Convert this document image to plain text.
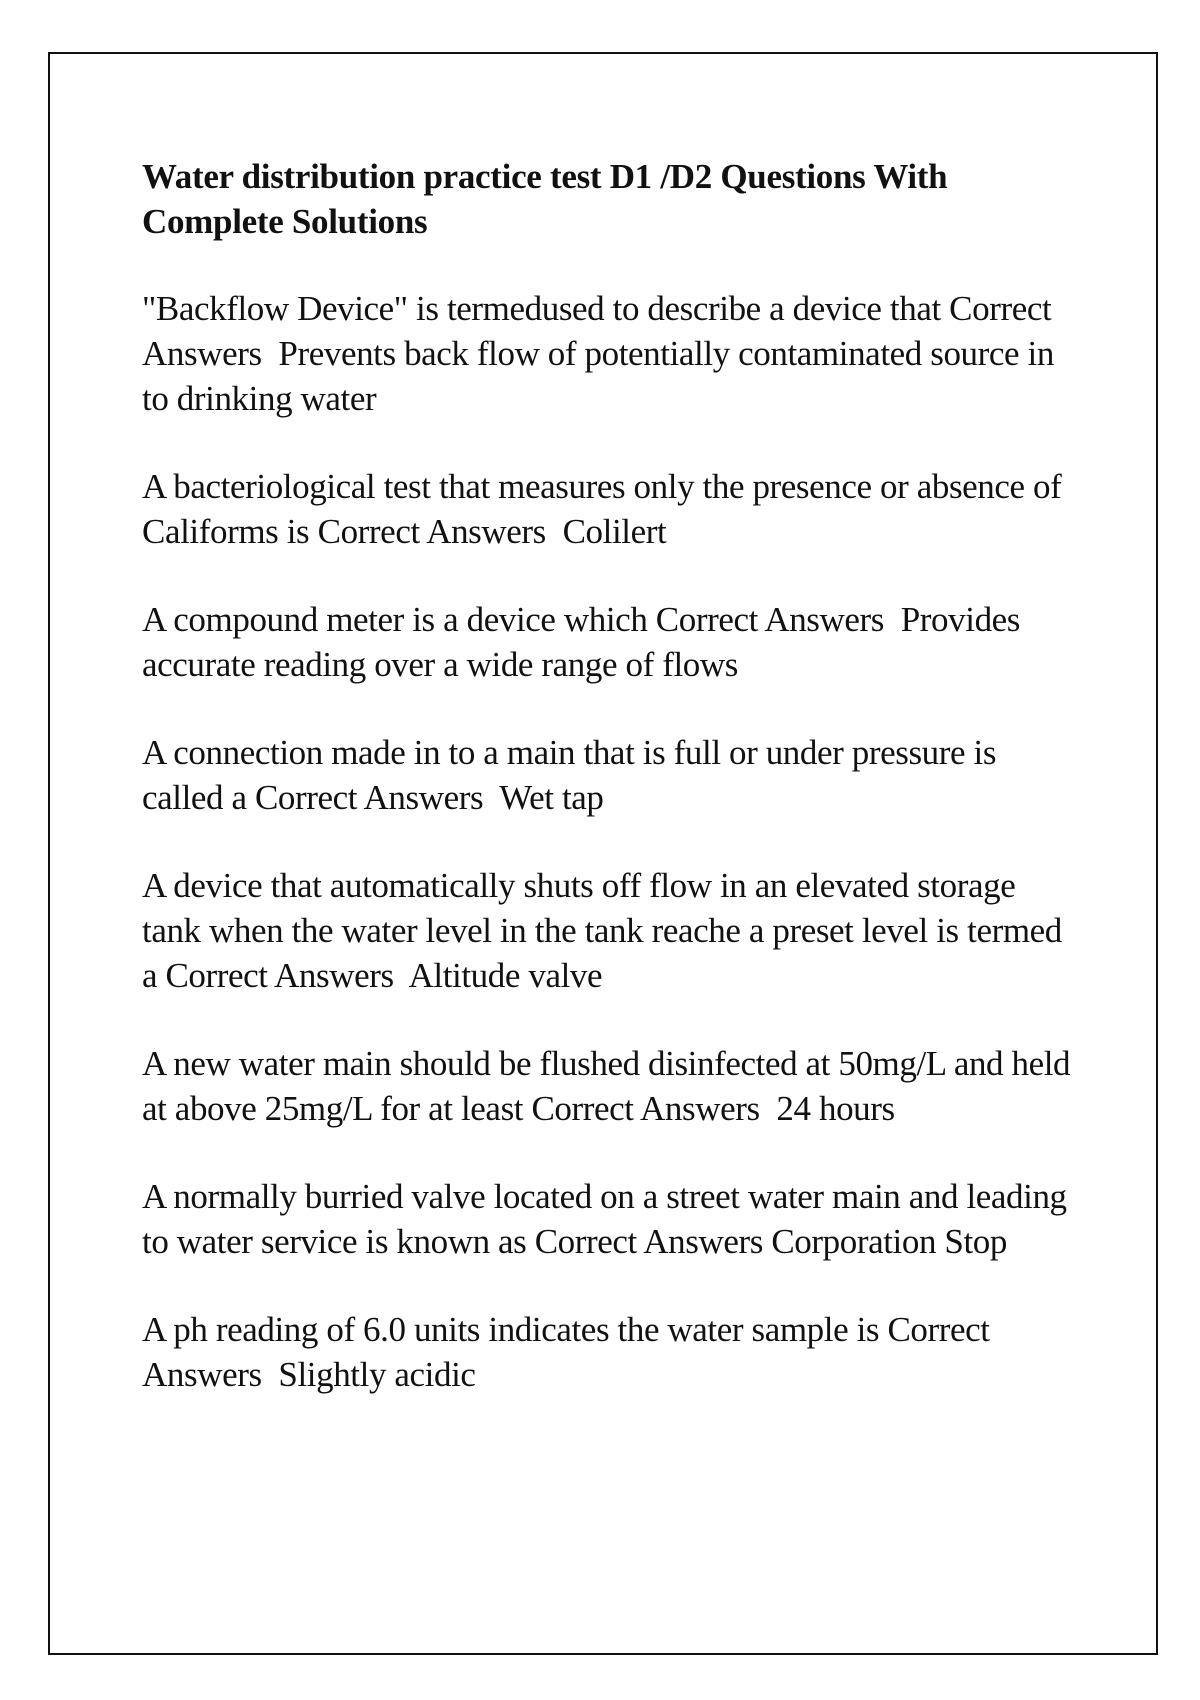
Water distribution practice test D1 /D2 Questions With Complete Solutions
"Backflow Device" is termedused to describe a device that Correct Answers  Prevents back flow of potentially contaminated source in to drinking water
A bacteriological test that measures only the presence or absence of Califorms is Correct Answers  Colilert
A compound meter is a device which Correct Answers  Provides accurate reading over a wide range of flows
A connection made in to a main that is full or under pressure is called a Correct Answers  Wet tap
A device that automatically shuts off flow in an elevated storage tank when the water level in the tank reache a preset level is termed a Correct Answers  Altitude valve
A new water main should be flushed disinfected at 50mg/L and held at above 25mg/L for at least Correct Answers  24 hours
A normally burried valve located on a street water main and leading to water service is known as Correct Answers Corporation Stop
A ph reading of 6.0 units indicates the water sample is Correct Answers  Slightly acidic
